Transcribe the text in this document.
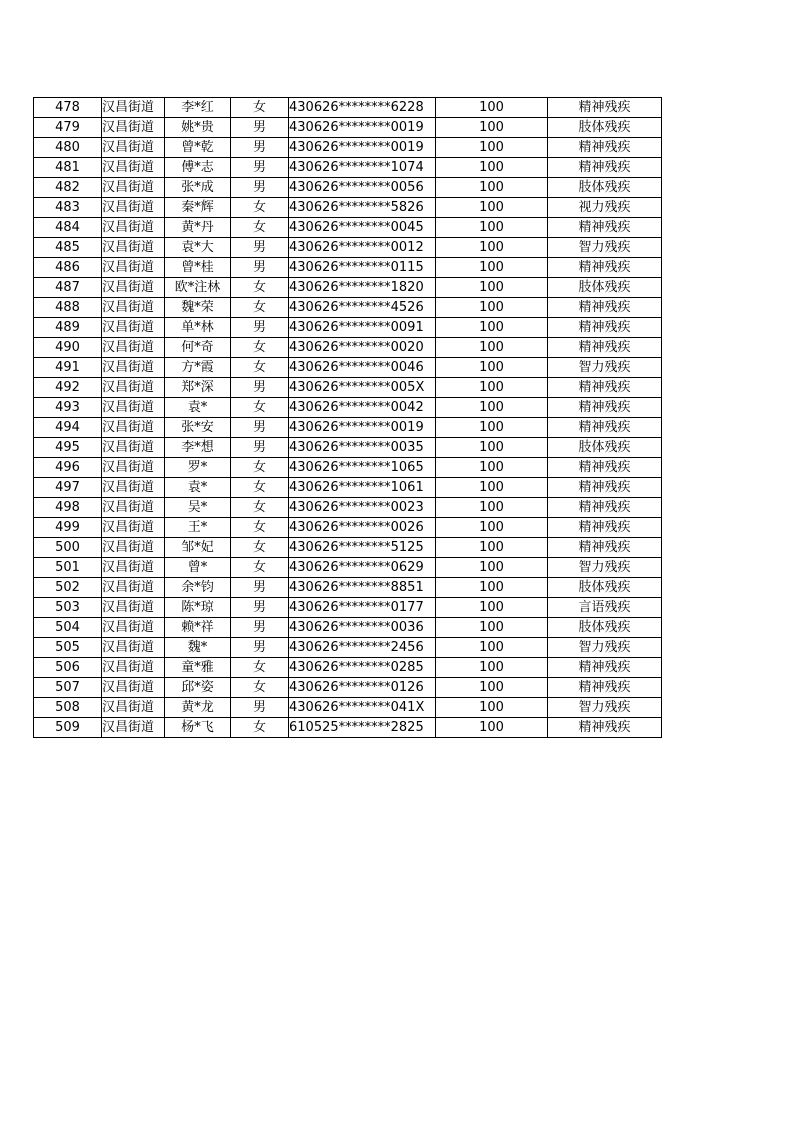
478	汉昌街道	李*红	女	430626********6228	100	精神残疾
479	汉昌街道	姚*贵	男	430626********0019	100	肢体残疾
480	汉昌街道	曾*乾	男	430626********0019	100	精神残疾
481	汉昌街道	傅*志	男	430626********1074	100	精神残疾
482	汉昌街道	张*成	男	430626********0056	100	肢体残疾
483	汉昌街道	秦*辉	女	430626********5826	100	视力残疾
484	汉昌街道	黄*丹	女	430626********0045	100	精神残疾
485	汉昌街道	袁*大	男	430626********0012	100	智力残疾
486	汉昌街道	曾*桂	男	430626********0115	100	精神残疾
487	汉昌街道	欧*注林	女	430626********1820	100	肢体残疾
488	汉昌街道	魏*荣	女	430626********4526	100	精神残疾
489	汉昌街道	单*林	男	430626********0091	100	精神残疾
490	汉昌街道	何*奇	女	430626********0020	100	精神残疾
491	汉昌街道	方*霞	女	430626********0046	100	智力残疾
492	汉昌街道	郑*深	男	430626********005X	100	精神残疾
493	汉昌街道	袁*	女	430626********0042	100	精神残疾
494	汉昌街道	张*安	男	430626********0019	100	精神残疾
495	汉昌街道	李*想	男	430626********0035	100	肢体残疾
496	汉昌街道	罗*	女	430626********1065	100	精神残疾
497	汉昌街道	袁*	女	430626********1061	100	精神残疾
498	汉昌街道	吴*	女	430626********0023	100	精神残疾
499	汉昌街道	王*	女	430626********0026	100	精神残疾
500	汉昌街道	邹*妃	女	430626********5125	100	精神残疾
501	汉昌街道	曾*	女	430626********0629	100	智力残疾
502	汉昌街道	余*钧	男	430626********8851	100	肢体残疾
503	汉昌街道	陈*琼	男	430626********0177	100	言语残疾
504	汉昌街道	赖*祥	男	430626********0036	100	肢体残疾
505	汉昌街道	魏*	男	430626********2456	100	智力残疾
506	汉昌街道	童*雅	女	430626********0285	100	精神残疾
507	汉昌街道	邱*姿	女	430626********0126	100	精神残疾
508	汉昌街道	黄*龙	男	430626********041X	100	智力残疾
509	汉昌街道	杨*飞	女	610525********2825	100	精神残疾
